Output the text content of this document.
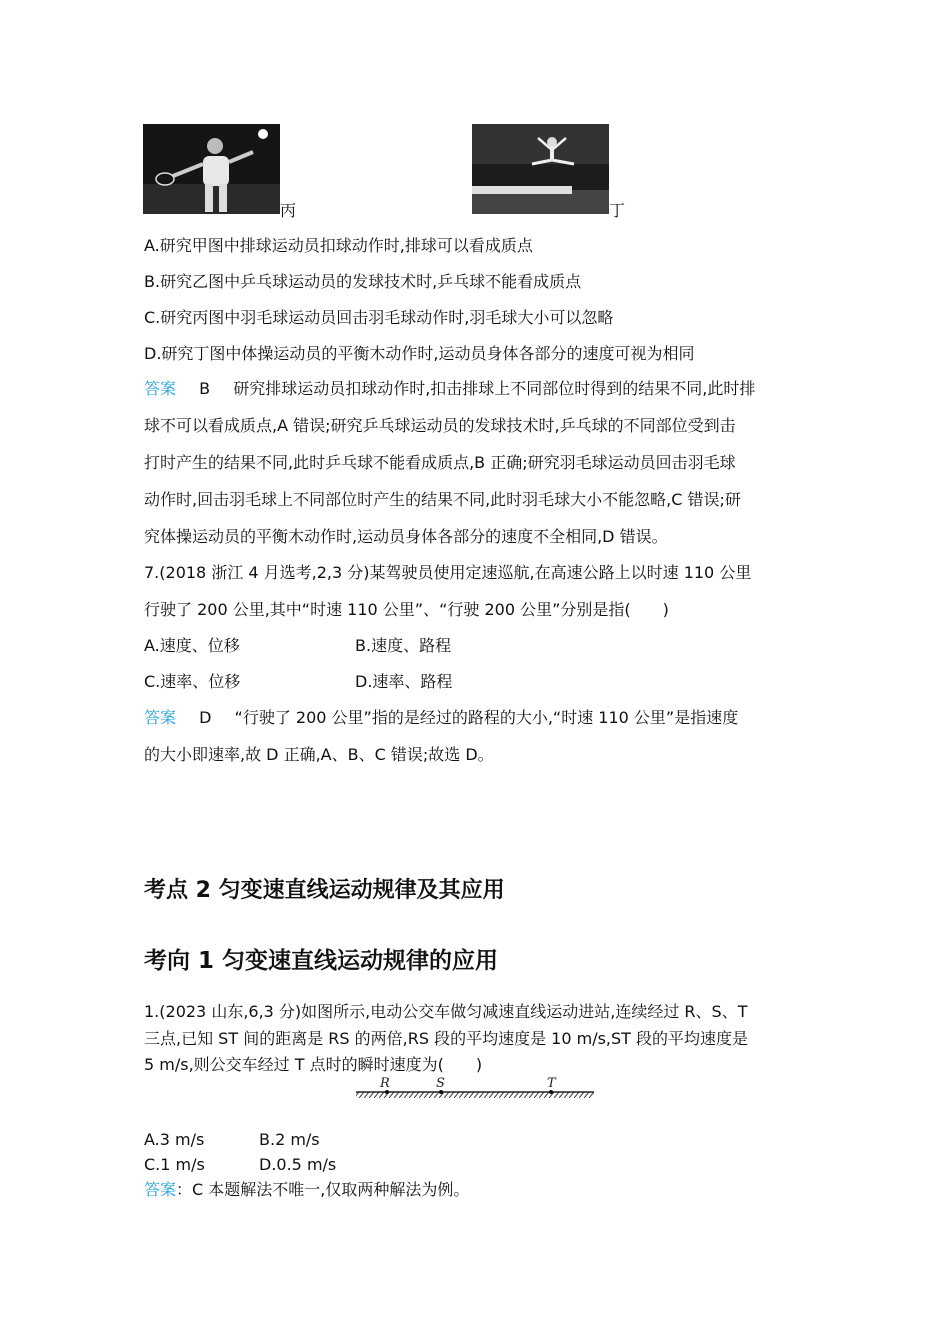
丙	丁
A.研究甲图中排球运动员扣球动作时,排球可以看成质点
B.研究乙图中乒乓球运动员的发球技术时,乒乓球不能看成质点
C.研究丙图中羽毛球运动员回击羽毛球动作时,羽毛球大小可以忽略
D.研究丁图中体操运动员的平衡木动作时,运动员身体各部分的速度可视为相同
答案 B 研究排球运动员扣球动作时,扣击排球上不同部位时得到的结果不同,此时排
球不可以看成质点,A 错误;研究乒乓球运动员的发球技术时,乒乓球的不同部位受到击
打时产生的结果不同,此时乒乓球不能看成质点,B 正确;研究羽毛球运动员回击羽毛球
动作时,回击羽毛球上不同部位时产生的结果不同,此时羽毛球大小不能忽略,C 错误;研
究体操运动员的平衡木动作时,运动员身体各部分的速度不全相同,D 错误。
7.(2018 浙江 4 月选考,2,3 分)某驾驶员使用定速巡航,在高速公路上以时速 110 公里
行驶了 200 公里,其中“时速 110 公里”、“行驶 200 公里”分别是指(　　)
A.速度、位移	B.速度、路程
C.速率、位移	D.速率、路程
答案 D “行驶了 200 公里”指的是经过的路程的大小,“时速 110 公里”是指速度
的大小即速率,故 D 正确,A、B、C 错误;故选 D。
考点 2 匀变速直线运动规律及其应用
考向 1 匀变速直线运动规律的应用
1.(2023 山东,6,3 分)如图所示,电动公交车做匀减速直线运动进站,连续经过 R、S、T
三点,已知 ST 间的距离是 RS 的两倍,RS 段的平均速度是 10 m/s,ST 段的平均速度是
5 m/s,则公交车经过 T 点时的瞬时速度为(　　)
R	S	T
A.3 m/s	B.2 m/s
C.1 m/s	D.0.5 m/s
答案：C 本题解法不唯一,仅取两种解法为例。
